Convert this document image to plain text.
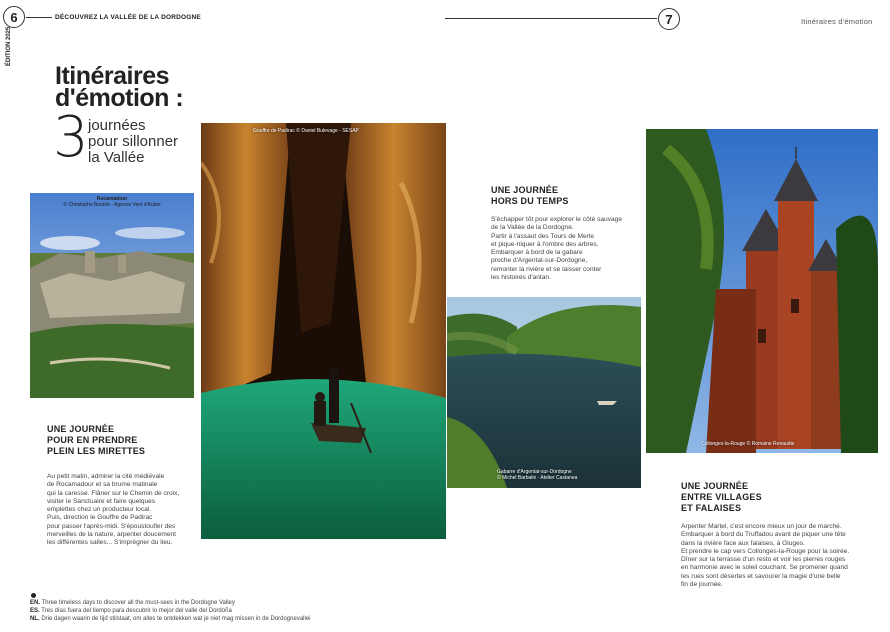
6	DÉCOUVREZ LA VALLÉE DE LA DORDOGNE
ÉDITION 2025
7	Itinéraires d'émotion
Itinéraires
d'émotion :
3 journées
pour sillonner
la Vallée
Rocamadour
© Christophe Boutrié - Agence Vent d'Autan
Gouffre de Padirac © Daniel Bulevage - SESAP
Gabarre d'Argentat-sur-Dordogne
© Michel Barbalin - Atelier Castanea
Collonges-la-Rouge © Romaine Renaudie
UNE JOURNÉE
POUR EN PRENDRE
PLEIN LES MIRETTES
Au petit matin, admirer la cité médiévale
de Rocamadour et sa brume matinale
qui la caresse. Flâner sur le Chemin de croix,
visiter le Sanctuaire et faire quelques
emplettes chez un producteur local.
Puis, direction le Gouffre de Padirac
pour passer l'après-midi. S'époustoufler des
merveilles de la nature, arpenter doucement
les différentes salles... S'imprégner du lieu.
UNE JOURNÉE
HORS DU TEMPS
S'échapper tôt pour explorer le côté sauvage
de la Vallée de la Dordogne.
Partir à l'assaut des Tours de Merle
et pique-niquer à l'ombre des arbres.
Embarquer à bord de la gabare
proche d'Argentat-sur-Dordogne,
remonter la rivière et se laisser conter
les histoires d'antan.
UNE JOURNÉE
ENTRE VILLAGES
ET FALAISES
Arpenter Martel, c'est encore mieux un jour de marché.
Embarquer à bord du Truffadou avant de piquer une tête
dans la rivière face aux falaises, à Gluges.
Et prendre le cap vers Collonges-la-Rouge pour la soirée.
Dîner sur la terrasse d'un resto et voir les pierres rouges
en harmonie avec le soleil couchant. Se promener quand
les rues sont désertes et savourer la magie d'une belle
fin de journée.
EN. Three timeless days to discover all the must-sees in the Dordogne Valley
ES. Tres días fuera del tiempo para descubrir lo mejor del valle del Dordoña
NL. Drie dagen waarin de tijd stilstaat, om alles te ontdekken wat je niet mag missen in de Dordognevallei
